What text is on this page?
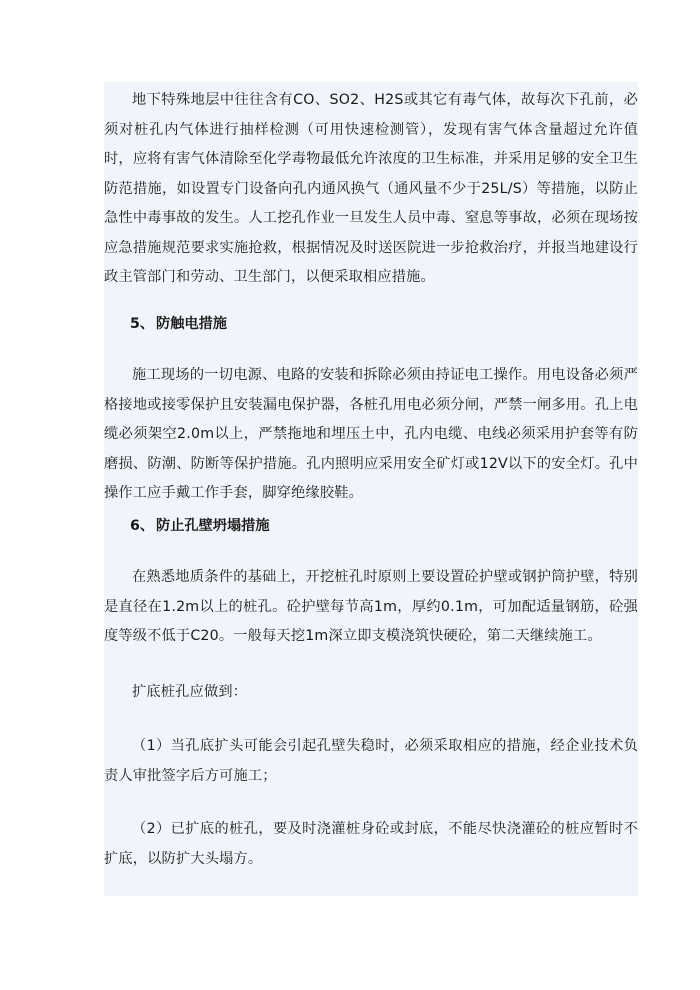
地下特殊地层中往往含有CO、SO2、H2S或其它有毒气体，故每次下孔前，必须对桩孔内气体进行抽样检测（可用快速检测管），发现有害气体含量超过允许值时，应将有害气体清除至化学毒物最低允许浓度的卫生标准，并采用足够的安全卫生防范措施，如设置专门设备向孔内通风换气（通风量不少于25L/S）等措施，以防止急性中毒事故的发生。人工挖孔作业一旦发生人员中毒、窒息等事故，必须在现场按应急措施规范要求实施抢救，根据情况及时送医院进一步抢救治疗，并报当地建设行政主管部门和劳动、卫生部门，以便采取相应措施。

5、 防触电措施

施工现场的一切电源、电路的安装和拆除必须由持证电工操作。用电设备必须严格接地或接零保护且安装漏电保护器，各桩孔用电必须分闸，严禁一闸多用。孔上电缆必须架空2.0m以上，严禁拖地和埋压土中，孔内电缆、电线必须采用护套等有防磨损、防潮、防断等保护措施。孔内照明应采用安全矿灯或12V以下的安全灯。孔中操作工应手戴工作手套，脚穿绝缘胶鞋。

6、 防止孔壁坍塌措施

在熟悉地质条件的基础上，开挖桩孔时原则上要设置砼护壁或钢护筒护壁，特别是直径在1.2m以上的桩孔。砼护壁每节高1m，厚约0.1m，可加配适量钢筋，砼强度等级不低于C20。一般每天挖1m深立即支模浇筑快硬砼，第二天继续施工。

扩底桩孔应做到：

（1）当孔底扩头可能会引起孔壁失稳时，必须采取相应的措施，经企业技术负责人审批签字后方可施工；

（2）已扩底的桩孔，要及时浇灌桩身砼或封底，不能尽快浇灌砼的桩应暂时不扩底，以防扩大头塌方。
